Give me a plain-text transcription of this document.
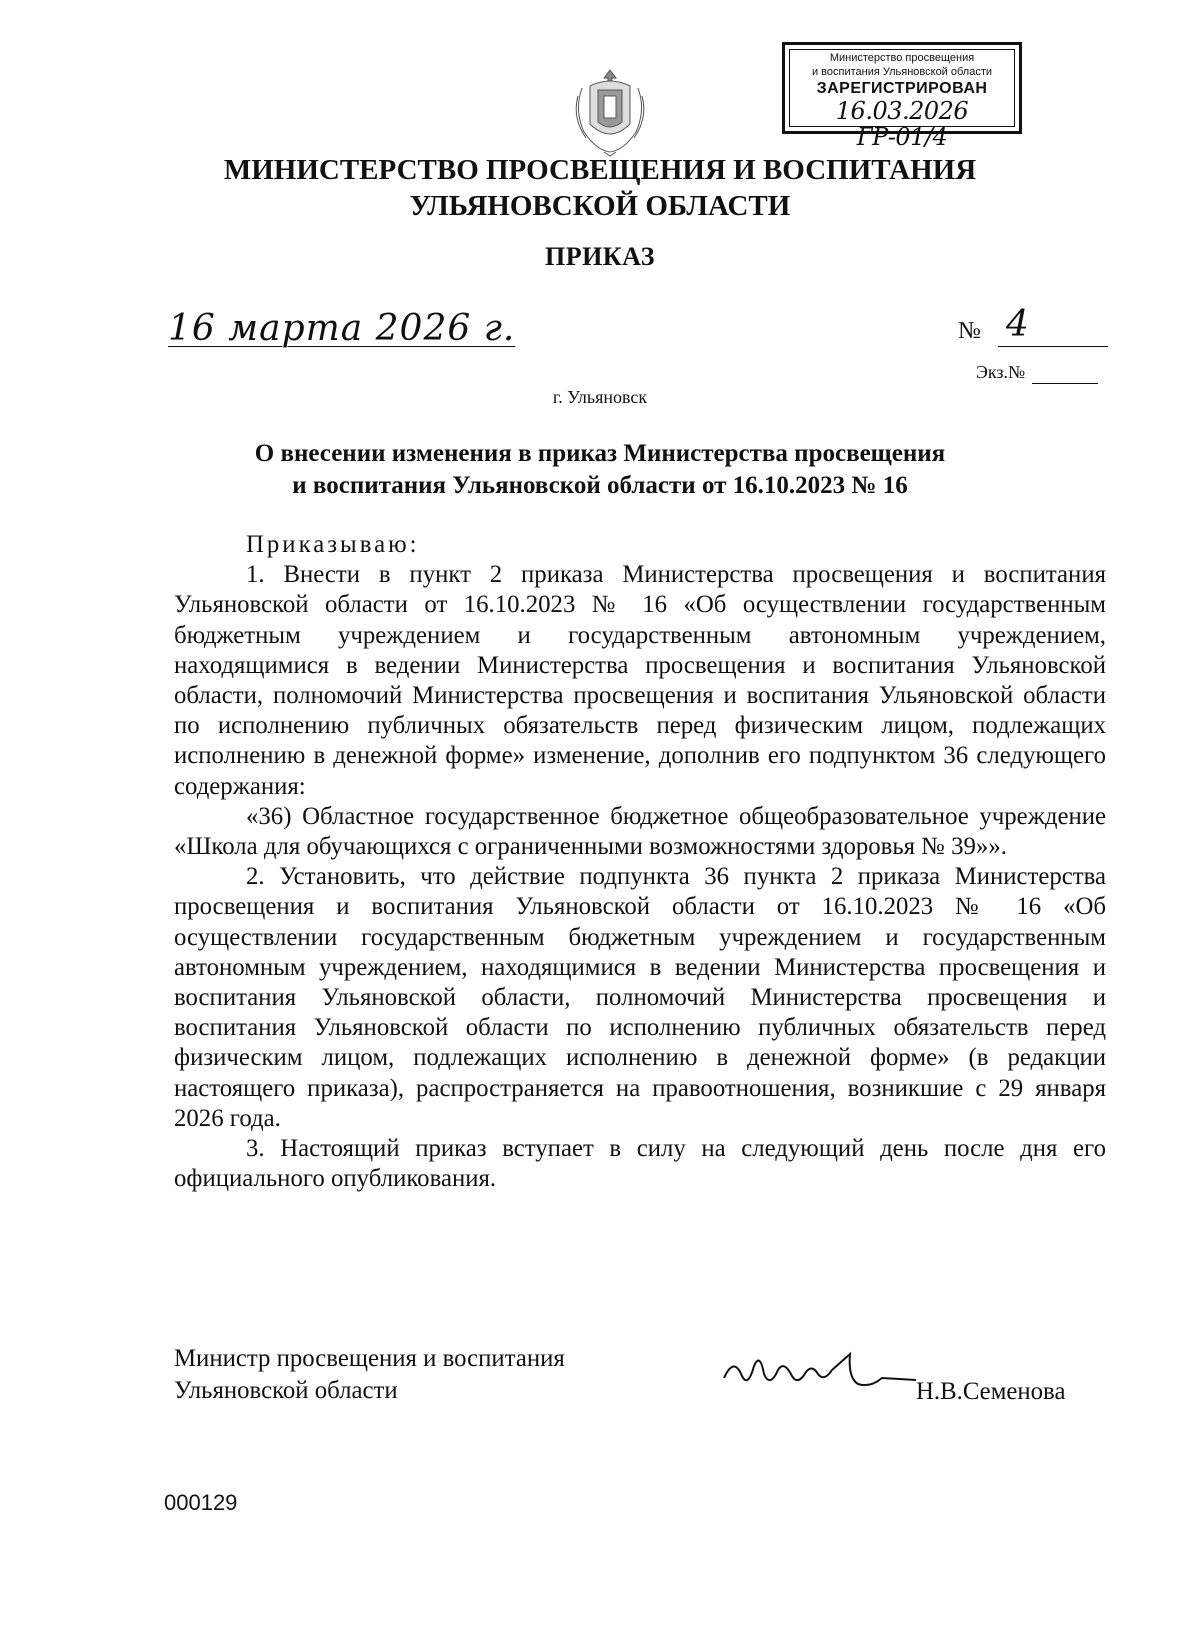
Министерство просвещения
и воспитания Ульяновской области
ЗАРЕГИСТРИРОВАН
16.03.2026 ГР-01/4
МИНИСТЕРСТВО ПРОСВЕЩЕНИЯ И ВОСПИТАНИЯ
УЛЬЯНОВСКОЙ ОБЛАСТИ
ПРИКАЗ
16 марта 2026 г.	№ 4
Экз.№
г. Ульяновск
О внесении изменения в приказ Министерства просвещения
и воспитания Ульяновской области от 16.10.2023 № 16

Приказываю:

1. Внести в пункт 2 приказа Министерства просвещения и воспитания Ульяновской области от 16.10.2023 № 16 «Об осуществлении государственным бюджетным учреждением и государственным автономным учреждением, находящимися в ведении Министерства просвещения и воспитания Ульяновской области, полномочий Министерства просвещения и воспитания Ульяновской области по исполнению публичных обязательств перед физическим лицом, подлежащих исполнению в денежной форме» изменение, дополнив его подпунктом 36 следующего содержания:

«36) Областное государственное бюджетное общеобразовательное учреждение «Школа для обучающихся с ограниченными возможностями здоровья № 39»».

2. Установить, что действие подпункта 36 пункта 2 приказа Министерства просвещения и воспитания Ульяновской области от 16.10.2023 № 16 «Об осуществлении государственным бюджетным учреждением и государственным автономным учреждением, находящимися в ведении Министерства просвещения и воспитания Ульяновской области, полномочий Министерства просвещения и воспитания Ульяновской области по исполнению публичных обязательств перед физическим лицом, подлежащих исполнению в денежной форме» (в редакции настоящего приказа), распространяется на правоотношения, возникшие с 29 января 2026 года.

3. Настоящий приказ вступает в силу на следующий день после дня его официального опубликования.

Министр просвещения и воспитания
Ульяновской области	Н.В.Семенова
000129
